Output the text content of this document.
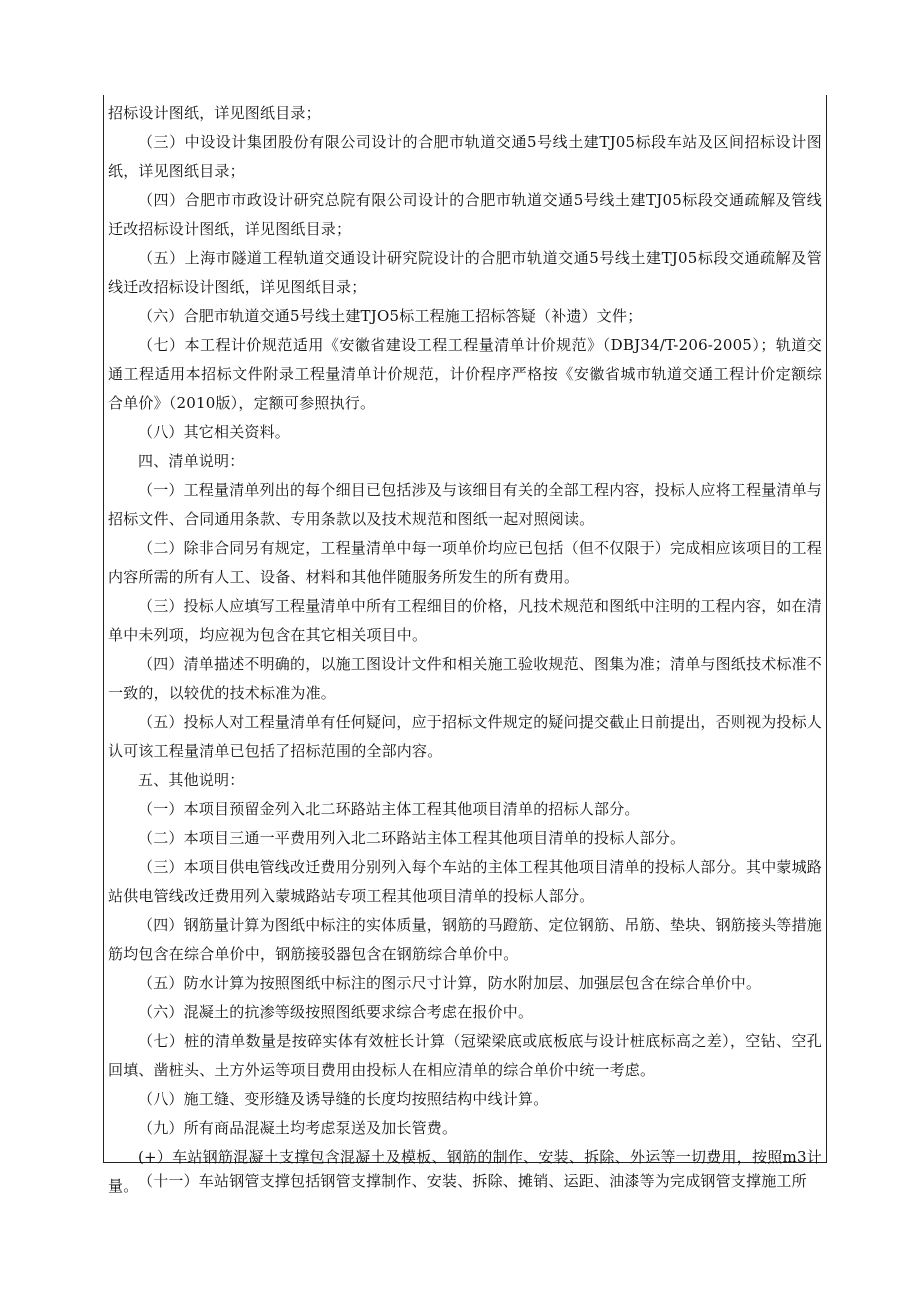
招标设计图纸，详见图纸目录；

（三）中设设计集团股份有限公司设计的合肥市轨道交通5号线土建TJ05标段车站及区间招标设计图纸，详见图纸目录；

（四）合肥市市政设计研究总院有限公司设计的合肥市轨道交通5号线土建TJ05标段交通疏解及管线迁改招标设计图纸，详见图纸目录；

（五）上海市隧道工程轨道交通设计研究院设计的合肥市轨道交通5号线土建TJ05标段交通疏解及管线迁改招标设计图纸，详见图纸目录；

（六）合肥市轨道交通5号线土建TJO5标工程施工招标答疑（补遗）文件；

（七）本工程计价规范适用《安徽省建设工程工程量清单计价规范》（DBJ34/T-206-2005）；轨道交通工程适用本招标文件附录工程量清单计价规范，计价程序严格按《安徽省城市轨道交通工程计价定额综合单价》（2010版），定额可参照执行。

（八）其它相关资料。

四、清单说明：

（一）工程量清单列出的每个细目已包括涉及与该细目有关的全部工程内容，投标人应将工程量清单与招标文件、合同通用条款、专用条款以及技术规范和图纸一起对照阅读。

（二）除非合同另有规定，工程量清单中每一项单价均应已包括（但不仅限于）完成相应该项目的工程内容所需的所有人工、设备、材料和其他伴随服务所发生的所有费用。

（三）投标人应填写工程量清单中所有工程细目的价格，凡技术规范和图纸中注明的工程内容，如在清单中未列项，均应视为包含在其它相关项目中。

（四）清单描述不明确的，以施工图设计文件和相关施工验收规范、图集为准；清单与图纸技术标准不一致的，以较优的技术标准为准。

（五）投标人对工程量清单有任何疑问，应于招标文件规定的疑问提交截止日前提出，否则视为投标人认可该工程量清单已包括了招标范围的全部内容。

五、其他说明：

（一）本项目预留金列入北二环路站主体工程其他项目清单的招标人部分。

（二）本项目三通一平费用列入北二环路站主体工程其他项目清单的投标人部分。

（三）本项目供电管线改迁费用分别列入每个车站的主体工程其他项目清单的投标人部分。其中蒙城路站供电管线改迁费用列入蒙城路站专项工程其他项目清单的投标人部分。

（四）钢筋量计算为图纸中标注的实体质量，钢筋的马蹬筋、定位钢筋、吊筋、垫块、钢筋接头等措施筋均包含在综合单价中，钢筋接驳器包含在钢筋综合单价中。

（五）防水计算为按照图纸中标注的图示尺寸计算，防水附加层、加强层包含在综合单价中。

（六）混凝土的抗渗等级按照图纸要求综合考虑在报价中。

（七）桩的清单数量是按碎实体有效桩长计算（冠梁梁底或底板底与设计桩底标高之差），空钻、空孔回填、凿桩头、土方外运等项目费用由投标人在相应清单的综合单价中统一考虑。

（八）施工缝、变形缝及诱导缝的长度均按照结构中线计算。

（九）所有商品混凝土均考虑泵送及加长管费。

(+）车站钢筋混凝土支撑包含混凝土及模板、钢筋的制作、安装、拆除、外运等一切费用，按照m3计量。 （十一）车站钢管支撑包括钢管支撑制作、安装、拆除、摊销、运距、油漆等为完成钢管支撑施工所
